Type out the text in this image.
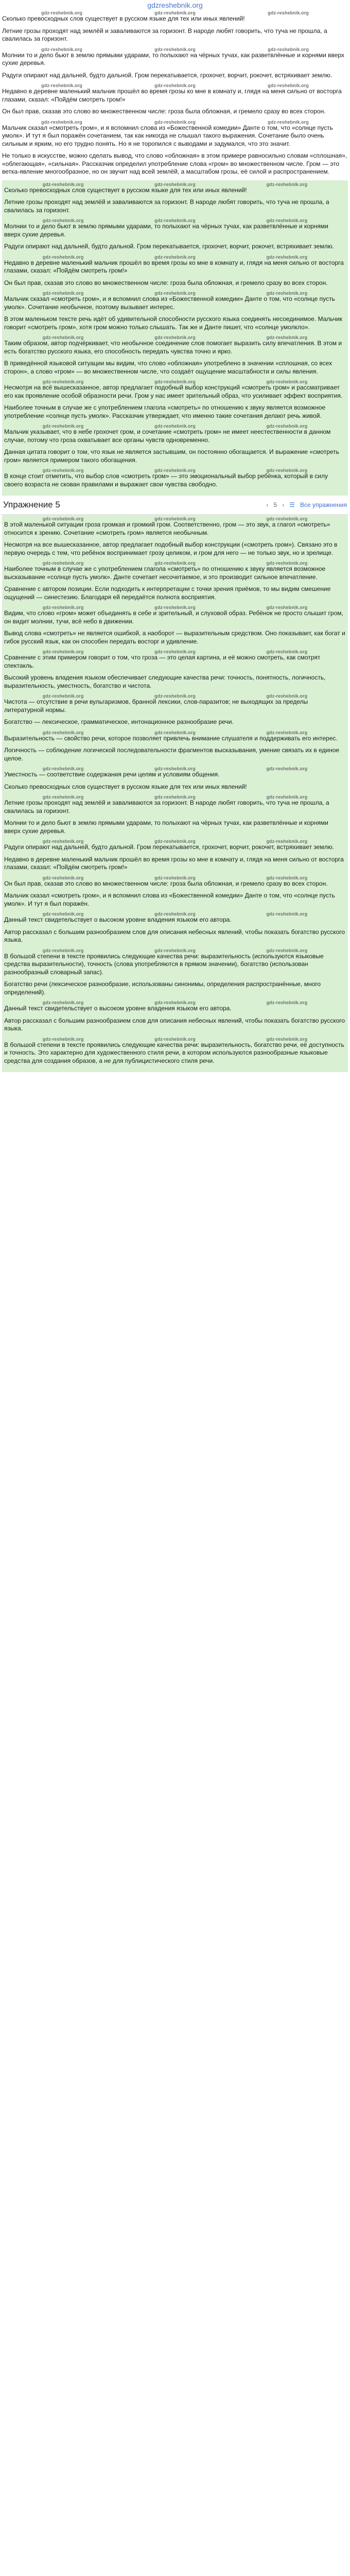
gdzreshebnik.org
gdz-reshebnik.org	gdz-reshebnik.org	gdz-reshebnik.org

Сколько превосходных слов существует в русском языке для тех или иных явлений!

Летние грозы проходят над землёй и заваливаются за горизонт. В народе любят говорить, что туча не прошла, а свалилась за горизонт.

gdz-reshebnik.org	gdz-reshebnik.org	gdz-reshebnik.org

Молнии то и дело бьют в землю прямыми ударами, то полыхают на чёрных тучах, как разветвлённые и корнями вверх сухие деревья.

Радуги опирают над дальней, будто дальной. Гром перекатывается, грохочет, ворчит, рокочет, встряхивает землю.

gdz-reshebnik.org	gdz-reshebnik.org	gdz-reshebnik.org

Недавно в деревне маленький мальчик прошёл во время грозы ко мне в комнату и, глядя на меня сильно от восторга глазами, сказал: «Пойдём смотреть гром!»

Он был прав, сказав это слово во множественном числе: гроза была обложная, и гремело сразу во всех сторон.

gdz-reshebnik.org	gdz-reshebnik.org	gdz-reshebnik.org

Мальчик сказал «смотреть гром», и я вспомнил слова из «Божественной комедии» Данте о том, что «солнце пусть умолк». И тут я был поражён сочетанием, так как никогда не слышал такого выражения. Сочетание было очень сильным и ярким, но его трудно понять. Но я не торопился с выводами и задумался, что это значит.

Не только в искусстве, можно сделать вывод, что слово «обложная» в этом примере равносильно словам «сплошная», «облегающая», «сильная». Рассказчик определил употребление слова «гром» во множественном числе. Гром — это ветка-явление многообразное, но он звучит над всей землёй, а масштабом грозы, её силой и распространением.

gdz-reshebnik.org	gdz-reshebnik.org	gdz-reshebnik.org

Сколько превосходных слов существует в русском языке для тех или иных явлений!

Летние грозы проходят над землёй и заваливаются за горизонт. В народе любят говорить, что туча не прошла, а свалилась за горизонт.

gdz-reshebnik.org	gdz-reshebnik.org	gdz-reshebnik.org

Молнии то и дело бьют в землю прямыми ударами, то полыхают на чёрных тучах, как разветвлённые и корнями вверх сухие деревья.

Радуги опирают над дальней, будто дальной. Гром перекатывается, грохочет, ворчит, рокочет, встряхивает землю.

gdz-reshebnik.org	gdz-reshebnik.org	gdz-reshebnik.org

Недавно в деревне маленький мальчик прошёл во время грозы ко мне в комнату и, глядя на меня сильно от восторга глазами, сказал: «Пойдём смотреть гром!»

Он был прав, сказав это слово во множественном числе: гроза была обложная, и гремело сразу во всех сторон.

gdz-reshebnik.org	gdz-reshebnik.org	gdz-reshebnik.org

Мальчик сказал «смотреть гром», и я вспомнил слова из «Божественной комедии» Данте о том, что «солнце пусть умолк». Сочетание необычное, поэтому вызывает интерес.

В этом маленьком тексте речь идёт об удивительной способности русского языка соединять несоединимое. Мальчик говорит «смотреть гром», хотя гром можно только слышать. Так же и Данте пишет, что «солнце умолкло».

gdz-reshebnik.org	gdz-reshebnik.org	gdz-reshebnik.org

Таким образом, автор подчёркивает, что необычное соединение слов помогает выразить силу впечатления. В этом и есть богатство русского языка, его способность передать чувства точно и ярко.

В приведённой языковой ситуации мы видим, что слово «обложная» употреблено в значении «сплошная, со всех сторон», а слово «гром» — во множественном числе, что создаёт ощущение масштабности и силы явления.

gdz-reshebnik.org	gdz-reshebnik.org	gdz-reshebnik.org

Несмотря на всё вышесказанное, автор предлагает подобный выбор конструкций «смотреть гром» и рассматривает его как проявление особой образности речи. Гром у нас имеет зрительный образ, что усиливает эффект восприятия.

Наиболее точным в случае же с употреблением глагола «смотреть» по отношению к звуку является возможное употребление «солнце пусть умолк». Рассказчик утверждает, что именно такие сочетания делают речь живой.

gdz-reshebnik.org	gdz-reshebnik.org	gdz-reshebnik.org

Мальчик указывает, что в небе грохочет гром, и сочетание «смотреть гром» не имеет неестественности в данном случае, потому что гроза охватывает все органы чувств одновременно.

Данная цитата говорит о том, что язык не является застывшим, он постоянно обогащается. И выражение «смотреть гром» является примером такого обогащения.

gdz-reshebnik.org	gdz-reshebnik.org	gdz-reshebnik.org

В конце стоит отметить, что выбор слов «смотреть гром» — это эмоциональный выбор ребёнка, который в силу своего возраста не скован правилами и выражает свои чувства свободно.

Упражнение 5	‹ 5 › ☰ Все упражнения
gdz-reshebnik.org	gdz-reshebnik.org	gdz-reshebnik.org

В этой маленькой ситуации гроза громкая и громкий гром. Соответственно, гром — это звук, а глагол «смотреть» относится к зрению. Сочетание «смотреть гром» является необычным.

Несмотря на все вышесказанное, автор предлагает подобный выбор конструкции («смотреть гром»). Связано это в первую очередь с тем, что ребёнок воспринимает грозу целиком, и гром для него — не только звук, но и зрелище.

gdz-reshebnik.org	gdz-reshebnik.org	gdz-reshebnik.org

Наиболее точным в случае же с употреблением глагола «смотреть» по отношению к звуку является возможное высказывание «солнце пусть умолк». Данте сочетает несочетаемое, и это производит сильное впечатление.

Сравнение с автором позиции. Если подходить к интерпретации с точки зрения приёмов, то мы видим смешение ощущений — синестезию. Благодаря ей передаётся полнота восприятия.

gdz-reshebnik.org	gdz-reshebnik.org	gdz-reshebnik.org

Видим, что слово «гром» может объединять в себе и зрительный, и слуховой образ. Ребёнок не просто слышит гром, он видит молнии, тучи, всё небо в движении.

Вывод слова «смотреть» не является ошибкой, а наоборот — выразительным средством. Оно показывает, как богат и гибок русский язык, как он способен передать восторг и удивление.

gdz-reshebnik.org	gdz-reshebnik.org	gdz-reshebnik.org

Сравнение с этим примером говорит о том, что гроза — это целая картина, и её можно смотреть, как смотрят спектакль.

Высокий уровень владения языком обеспечивает следующие качества речи: точность, понятность, логичность, выразительность, уместность, богатство и чистота.

gdz-reshebnik.org	gdz-reshebnik.org	gdz-reshebnik.org

Чистота — отсутствие в речи вульгаризмов, бранной лексики, слов-паразитов; не выходящих за пределы литературной нормы.

Богатство — лексическое, грамматическое, интонационное разнообразие речи.

gdz-reshebnik.org	gdz-reshebnik.org	gdz-reshebnik.org

Выразительность — свойство речи, которое позволяет привлечь внимание слушателя и поддерживать его интерес.

Логичность — соблюдение логической последовательности фрагментов высказывания, умение связать их в единое целое.

gdz-reshebnik.org	gdz-reshebnik.org	gdz-reshebnik.org

Уместность — соответствие содержания речи целям и условиям общения.

Сколько превосходных слов существует в русском языке для тех или иных явлений!

gdz-reshebnik.org	gdz-reshebnik.org	gdz-reshebnik.org

Летние грозы проходят над землёй и заваливаются за горизонт. В народе любят говорить, что туча не прошла, а свалилась за горизонт.

Молнии то и дело бьют в землю прямыми ударами, то полыхают на чёрных тучах, как разветвлённые и корнями вверх сухие деревья.

gdz-reshebnik.org	gdz-reshebnik.org	gdz-reshebnik.org

Радуги опирают над дальней, будто дальной. Гром перекатывается, грохочет, ворчит, рокочет, встряхивает землю.

Недавно в деревне маленький мальчик прошёл во время грозы ко мне в комнату и, глядя на меня сильно от восторга глазами, сказал: «Пойдём смотреть гром!»

gdz-reshebnik.org	gdz-reshebnik.org	gdz-reshebnik.org

Он был прав, сказав это слово во множественном числе: гроза была обложная, и гремело сразу во всех сторон.

Мальчик сказал «смотреть гром», и я вспомнил слова из «Божественной комедии» Данте о том, что «солнце пусть умолк». И тут я был поражён.

gdz-reshebnik.org	gdz-reshebnik.org	gdz-reshebnik.org

Данный текст свидетельствует о высоком уровне владения языком его автора.

Автор рассказал с большим разнообразием слов для описания небесных явлений, чтобы показать богатство русского языка.

gdz-reshebnik.org	gdz-reshebnik.org	gdz-reshebnik.org

В большой степени в тексте проявились следующие качества речи: выразительность (используются языковые средства выразительности), точность (слова употребляются в прямом значении), богатство (использован разнообразный словарный запас).

Богатство речи (лексическое разнообразие, использованы синонимы, определения распространённые, много определений).

gdz-reshebnik.org	gdz-reshebnik.org	gdz-reshebnik.org

Данный текст свидетельствует о высоком уровне владения языком его автора.

Автор рассказал с большим разнообразием слов для описания небесных явлений, чтобы показать богатство русского языка.

gdz-reshebnik.org	gdz-reshebnik.org	gdz-reshebnik.org

В большой степени в тексте проявились следующие качества речи: выразительность, богатство речи, её доступность и точность. Это характерно для художественного стиля речи, в котором используются разнообразные языковые средства для создания образов, а не для публицистического стиля речи.
